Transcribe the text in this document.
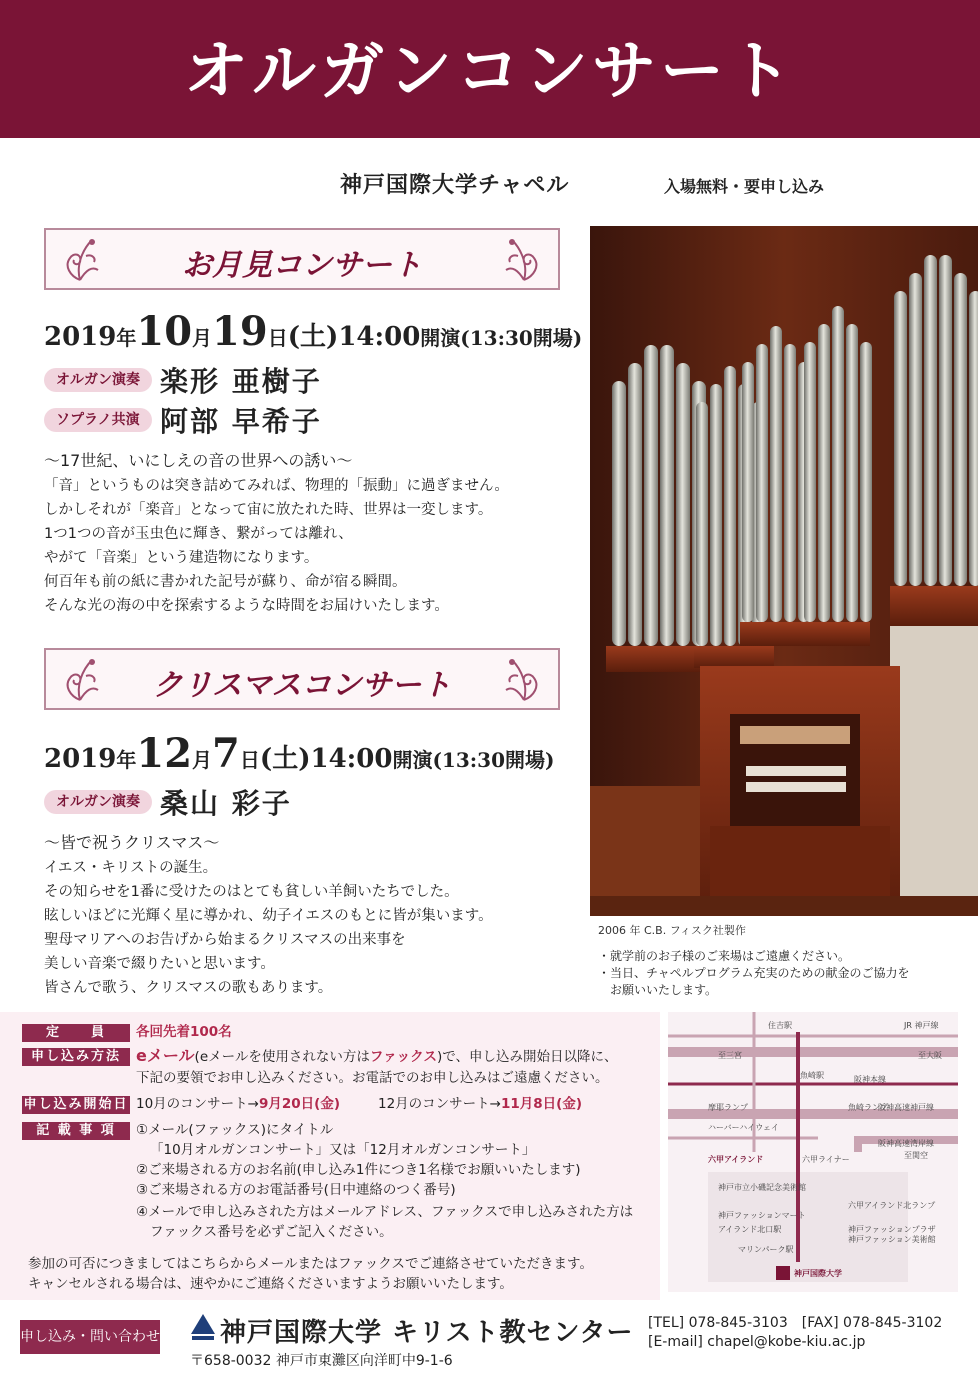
オルガンコンサート
神戸国際大学チャペル	入場無料・要申し込み
お月見コンサート
2019年10月19日(土)14:00開演(13:30開場)
オルガン演奏 楽形 亜樹子
ソプラノ共演 阿部 早希子
〜17世紀、いにしえの音の世界への誘い〜
「音」というものは突き詰めてみれば、物理的「振動」に過ぎません。
しかしそれが「楽音」となって宙に放たれた時、世界は一変します。
1つ1つの音が玉虫色に輝き、繋がっては離れ、
やがて「音楽」という建造物になります。
何百年も前の紙に書かれた記号が蘇り、命が宿る瞬間。
そんな光の海の中を探索するような時間をお届けいたします。
クリスマスコンサート
2019年12月7日(土)14:00開演(13:30開場)
オルガン演奏 桑山 彩子
〜皆で祝うクリスマス〜
イエス・キリストの誕生。
その知らせを1番に受けたのはとても貧しい羊飼いたちでした。
眩しいほどに光輝く星に導かれ、幼子イエスのもとに皆が集います。
聖母マリアへのお告げから始まるクリスマスの出来事を
美しい音楽で綴りたいと思います。
皆さんで歌う、クリスマスの歌もあります。
2006 年 C.B. フィスク社製作
・就学前のお子様のご来場はご遠慮ください。
・当日、チャペルプログラム充実のための献金のご協力を
　お願いいたします。
定　　員	各回先着100名
申し込み方法 eメール(eメールを使用されない方はファックス)で、申し込み開始日以降に、
下記の要領でお申し込みください。お電話でのお申し込みはご遠慮ください。
申し込み開始日 10月のコンサート→9月20日(金)	12月のコンサート→11月8日(金)
記 載 事 項	①メール(ファックス)にタイトル
「10月オルガンコンサート」又は「12月オルガンコンサート」
②ご来場される方のお名前(申し込み1件につき1名様でお願いいたします)
③ご来場される方のお電話番号(日中連絡のつく番号)
④メールで申し込みされた方はメールアドレス、ファックスで申し込みされた方は
ファックス番号を必ずご記入ください。
参加の可否につきましてはこちらからメールまたはファックスでご連絡させていただきます。
キャンセルされる場合は、速やかにご連絡くださいますようお願いいたします。
住吉駅	JR 神戸線
至三宮	至大阪
魚崎駅	阪神本線
摩耶ランプ	魚崎ランプ
阪神高速神戸線
ハーバーハイウェイ
阪神高速湾岸線
至関空
六甲アイランド	六甲ライナー
神戸市立小磯記念美術館
六甲アイランド北ランプ
神戸ファッションマート
アイランド北口駅	神戸ファッションプラザ
神戸ファッション美術館
マリンパーク駅
神戸国際大学
申し込み・問い合わせ 神戸国際大学 キリスト教センター
〒658-0032 神戸市東灘区向洋町中9-1-6
[TEL] 078-845-3103　[FAX] 078-845-3102
[E-mail] chapel@kobe-kiu.ac.jp
